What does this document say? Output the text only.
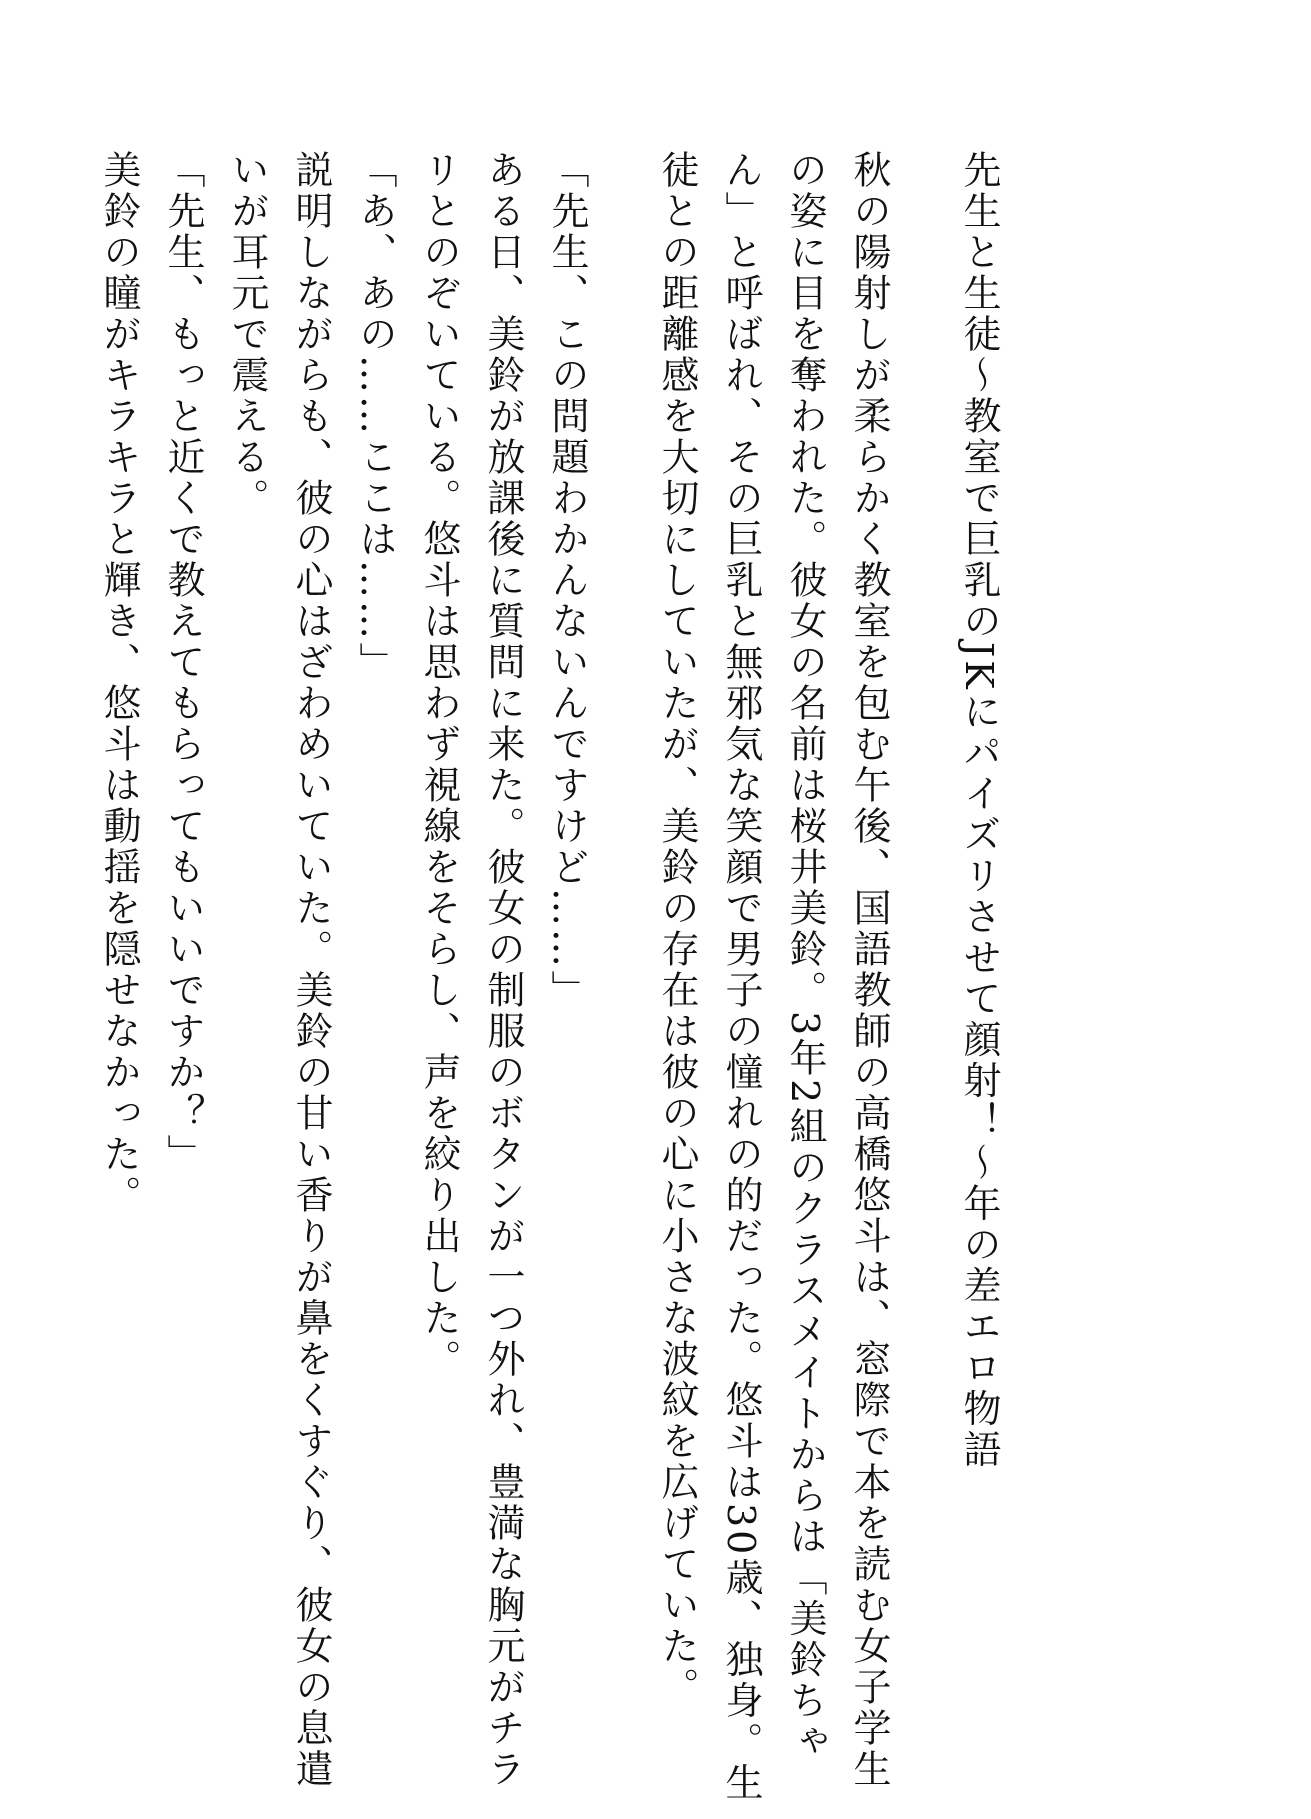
先生と生徒～教室で巨乳のJKにパイズリさせて顔射！～年の差エロ物語
秋の陽射しが柔らかく教室を包む午後、国語教師の高橋悠斗は、窓際で本を読む女子学生
の姿に目を奪われた。彼女の名前は桜井美鈴。3年2組のクラスメイトからは「美鈴ちゃ
ん」と呼ばれ、その巨乳と無邪気な笑顔で男子の憧れの的だった。悠斗は30歳、独身。生
徒との距離感を大切にしていたが、美鈴の存在は彼の心に小さな波紋を広げていた。
「先生、この問題わかんないんですけど……」
ある日、美鈴が放課後に質問に来た。彼女の制服のボタンが一つ外れ、豊満な胸元がチラ
リとのぞいている。悠斗は思わず視線をそらし、声を絞り出した。
「あ、あの……ここは……」
説明しながらも、彼の心はざわめいていた。美鈴の甘い香りが鼻をくすぐり、彼女の息遣
いが耳元で震える。
「先生、もっと近くで教えてもらってもいいですか？」
美鈴の瞳がキラキラと輝き、悠斗は動揺を隠せなかった。
